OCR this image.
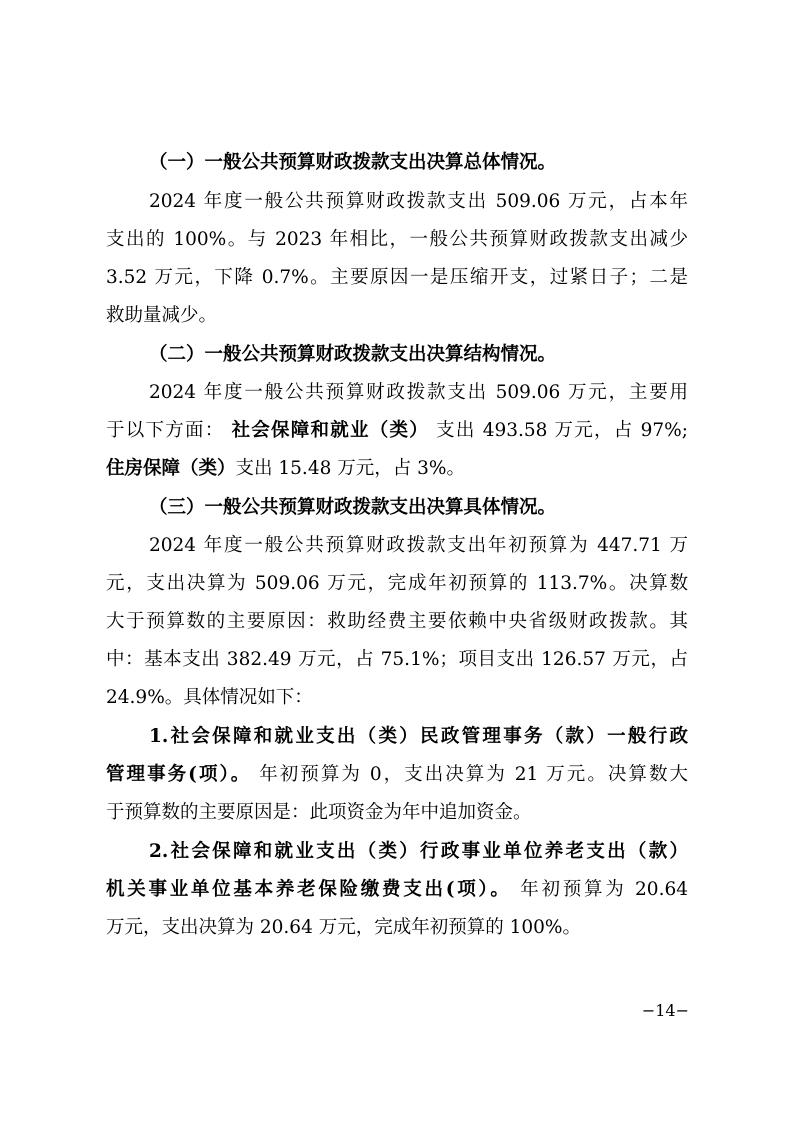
（一）一般公共预算财政拨款支出决算总体情况。

2024 年度一般公共预算财政拨款支出 509.06 万元，占本年

支出的 100%。与 2023 年相比，一般公共预算财政拨款支出减少

3.52 万元，下降 0.7%。主要原因一是压缩开支，过紧日子；二是

救助量减少。

（二）一般公共预算财政拨款支出决算结构情况。

2024 年度一般公共预算财政拨款支出 509.06 万元，主要用

于以下方面： 社会保障和就业（类） 支出 493.58 万元，占 97%;

住房保障（类）支出 15.48 万元，占 3%。

（三）一般公共预算财政拨款支出决算具体情况。

2024 年度一般公共预算财政拨款支出年初预算为 447.71 万

元，支出决算为 509.06 万元，完成年初预算的 113.7%。决算数

大于预算数的主要原因：救助经费主要依赖中央省级财政拨款。其

中：基本支出 382.49 万元，占 75.1%；项目支出 126.57 万元，占

24.9%。具体情况如下：

1.社会保障和就业支出（类）民政管理事务（款）一般行政

管理事务(项）。 年初预算为 0，支出决算为 21 万元。决算数大

于预算数的主要原因是：此项资金为年中追加资金。

2.社会保障和就业支出（类）行政事业单位养老支出（款）

机关事业单位基本养老保险缴费支出(项）。 年初预算为 20.64

万元，支出决算为 20.64 万元，完成年初预算的 100%。

−14−
